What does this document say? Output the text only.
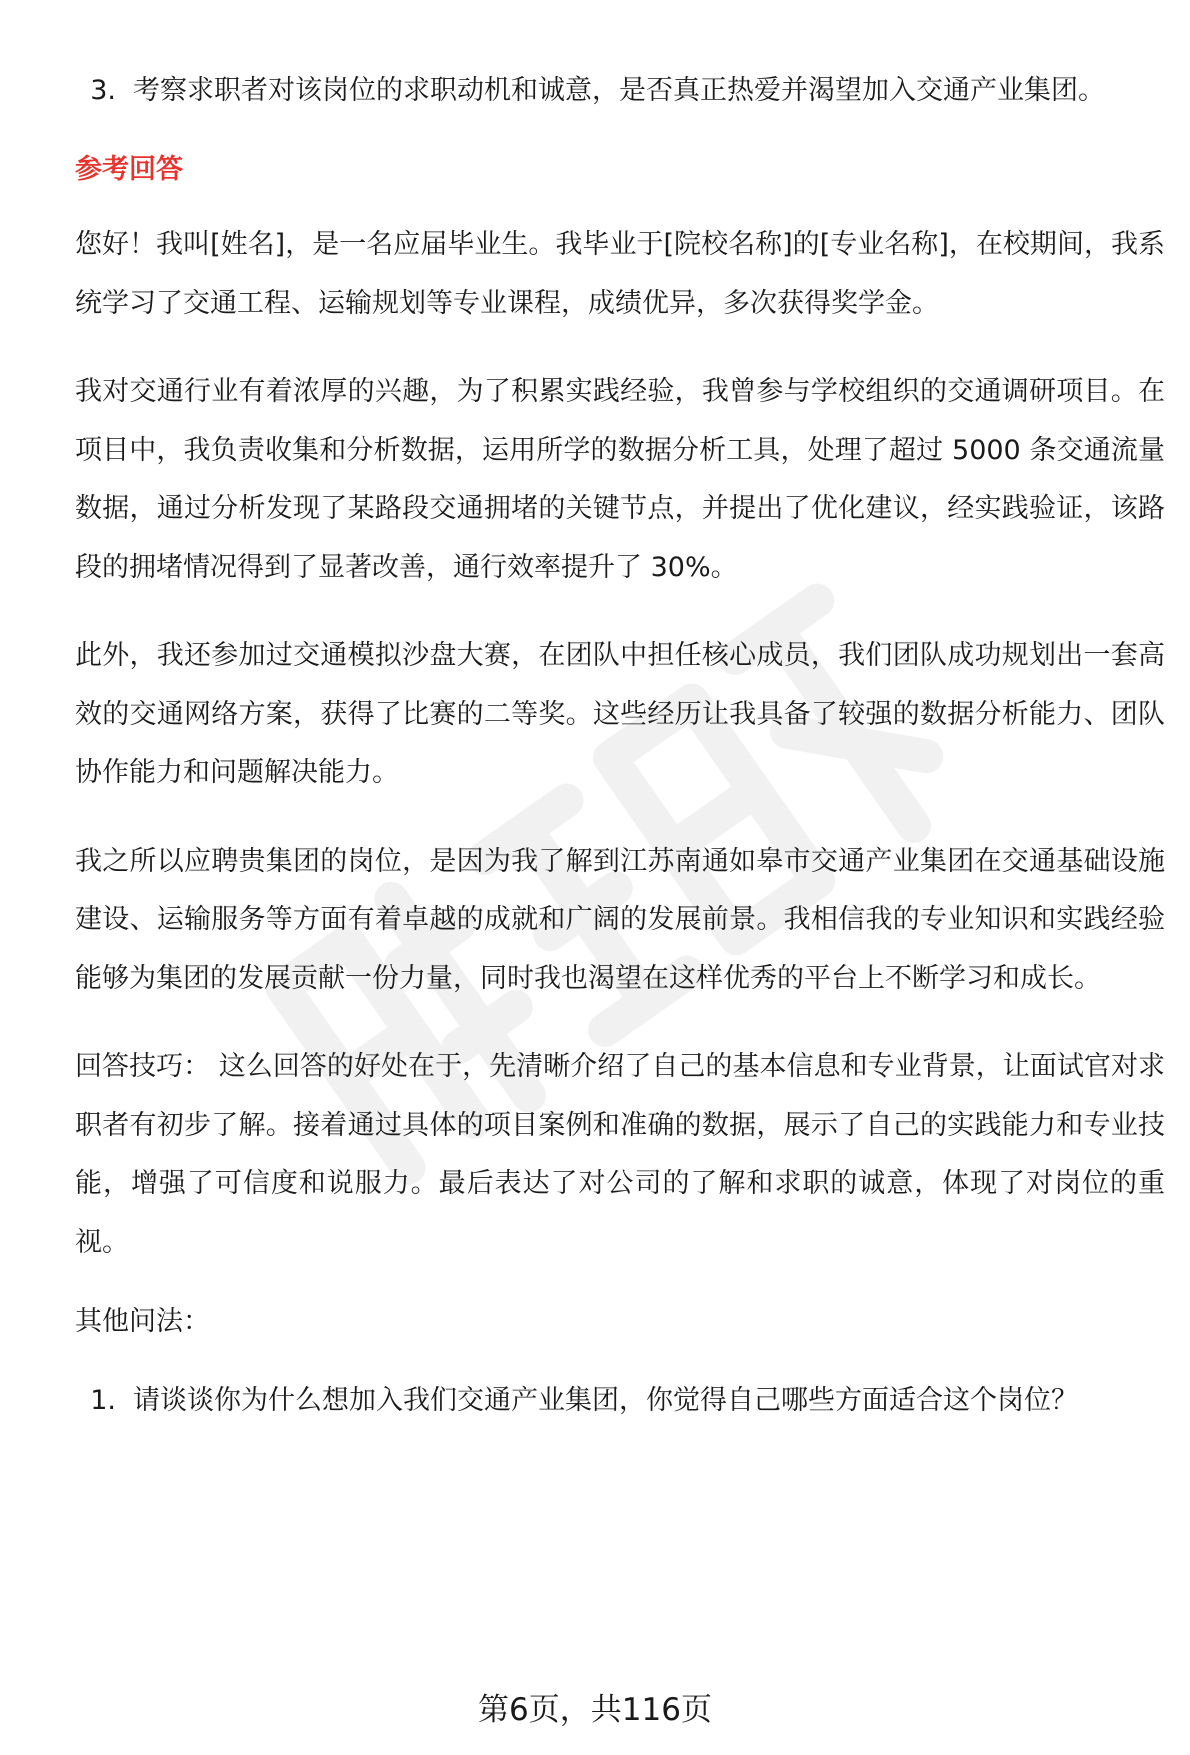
3. 考察求职者对该岗位的求职动机和诚意，是否真正热爱并渴望加入交通产业集团。
参考回答

您好！我叫[姓名]，是一名应届毕业生。我毕业于[院校名称]的[专业名称]，在校期间，我系统学习了交通工程、运输规划等专业课程，成绩优异，多次获得奖学金。

我对交通行业有着浓厚的兴趣，为了积累实践经验，我曾参与学校组织的交通调研项目。在项目中，我负责收集和分析数据，运用所学的数据分析工具，处理了超过 5000 条交通流量数据，通过分析发现了某路段交通拥堵的关键节点，并提出了优化建议，经实践验证，该路段的拥堵情况得到了显著改善，通行效率提升了 30%。

此外，我还参加过交通模拟沙盘大赛，在团队中担任核心成员，我们团队成功规划出一套高效的交通网络方案，获得了比赛的二等奖。这些经历让我具备了较强的数据分析能力、团队协作能力和问题解决能力。

我之所以应聘贵集团的岗位，是因为我了解到江苏南通如皋市交通产业集团在交通基础设施建设、运输服务等方面有着卓越的成就和广阔的发展前景。我相信我的专业知识和实践经验能够为集团的发展贡献一份力量，同时我也渴望在这样优秀的平台上不断学习和成长。

回答技巧： 这么回答的好处在于，先清晰介绍了自己的基本信息和专业背景，让面试官对求职者有初步了解。接着通过具体的项目案例和准确的数据，展示了自己的实践能力和专业技能，增强了可信度和说服力。最后表达了对公司的了解和求职的诚意，体现了对岗位的重视。

其他问法：
1. 请谈谈你为什么想加入我们交通产业集团，你觉得自己哪些方面适合这个岗位？
第6页，共116页
